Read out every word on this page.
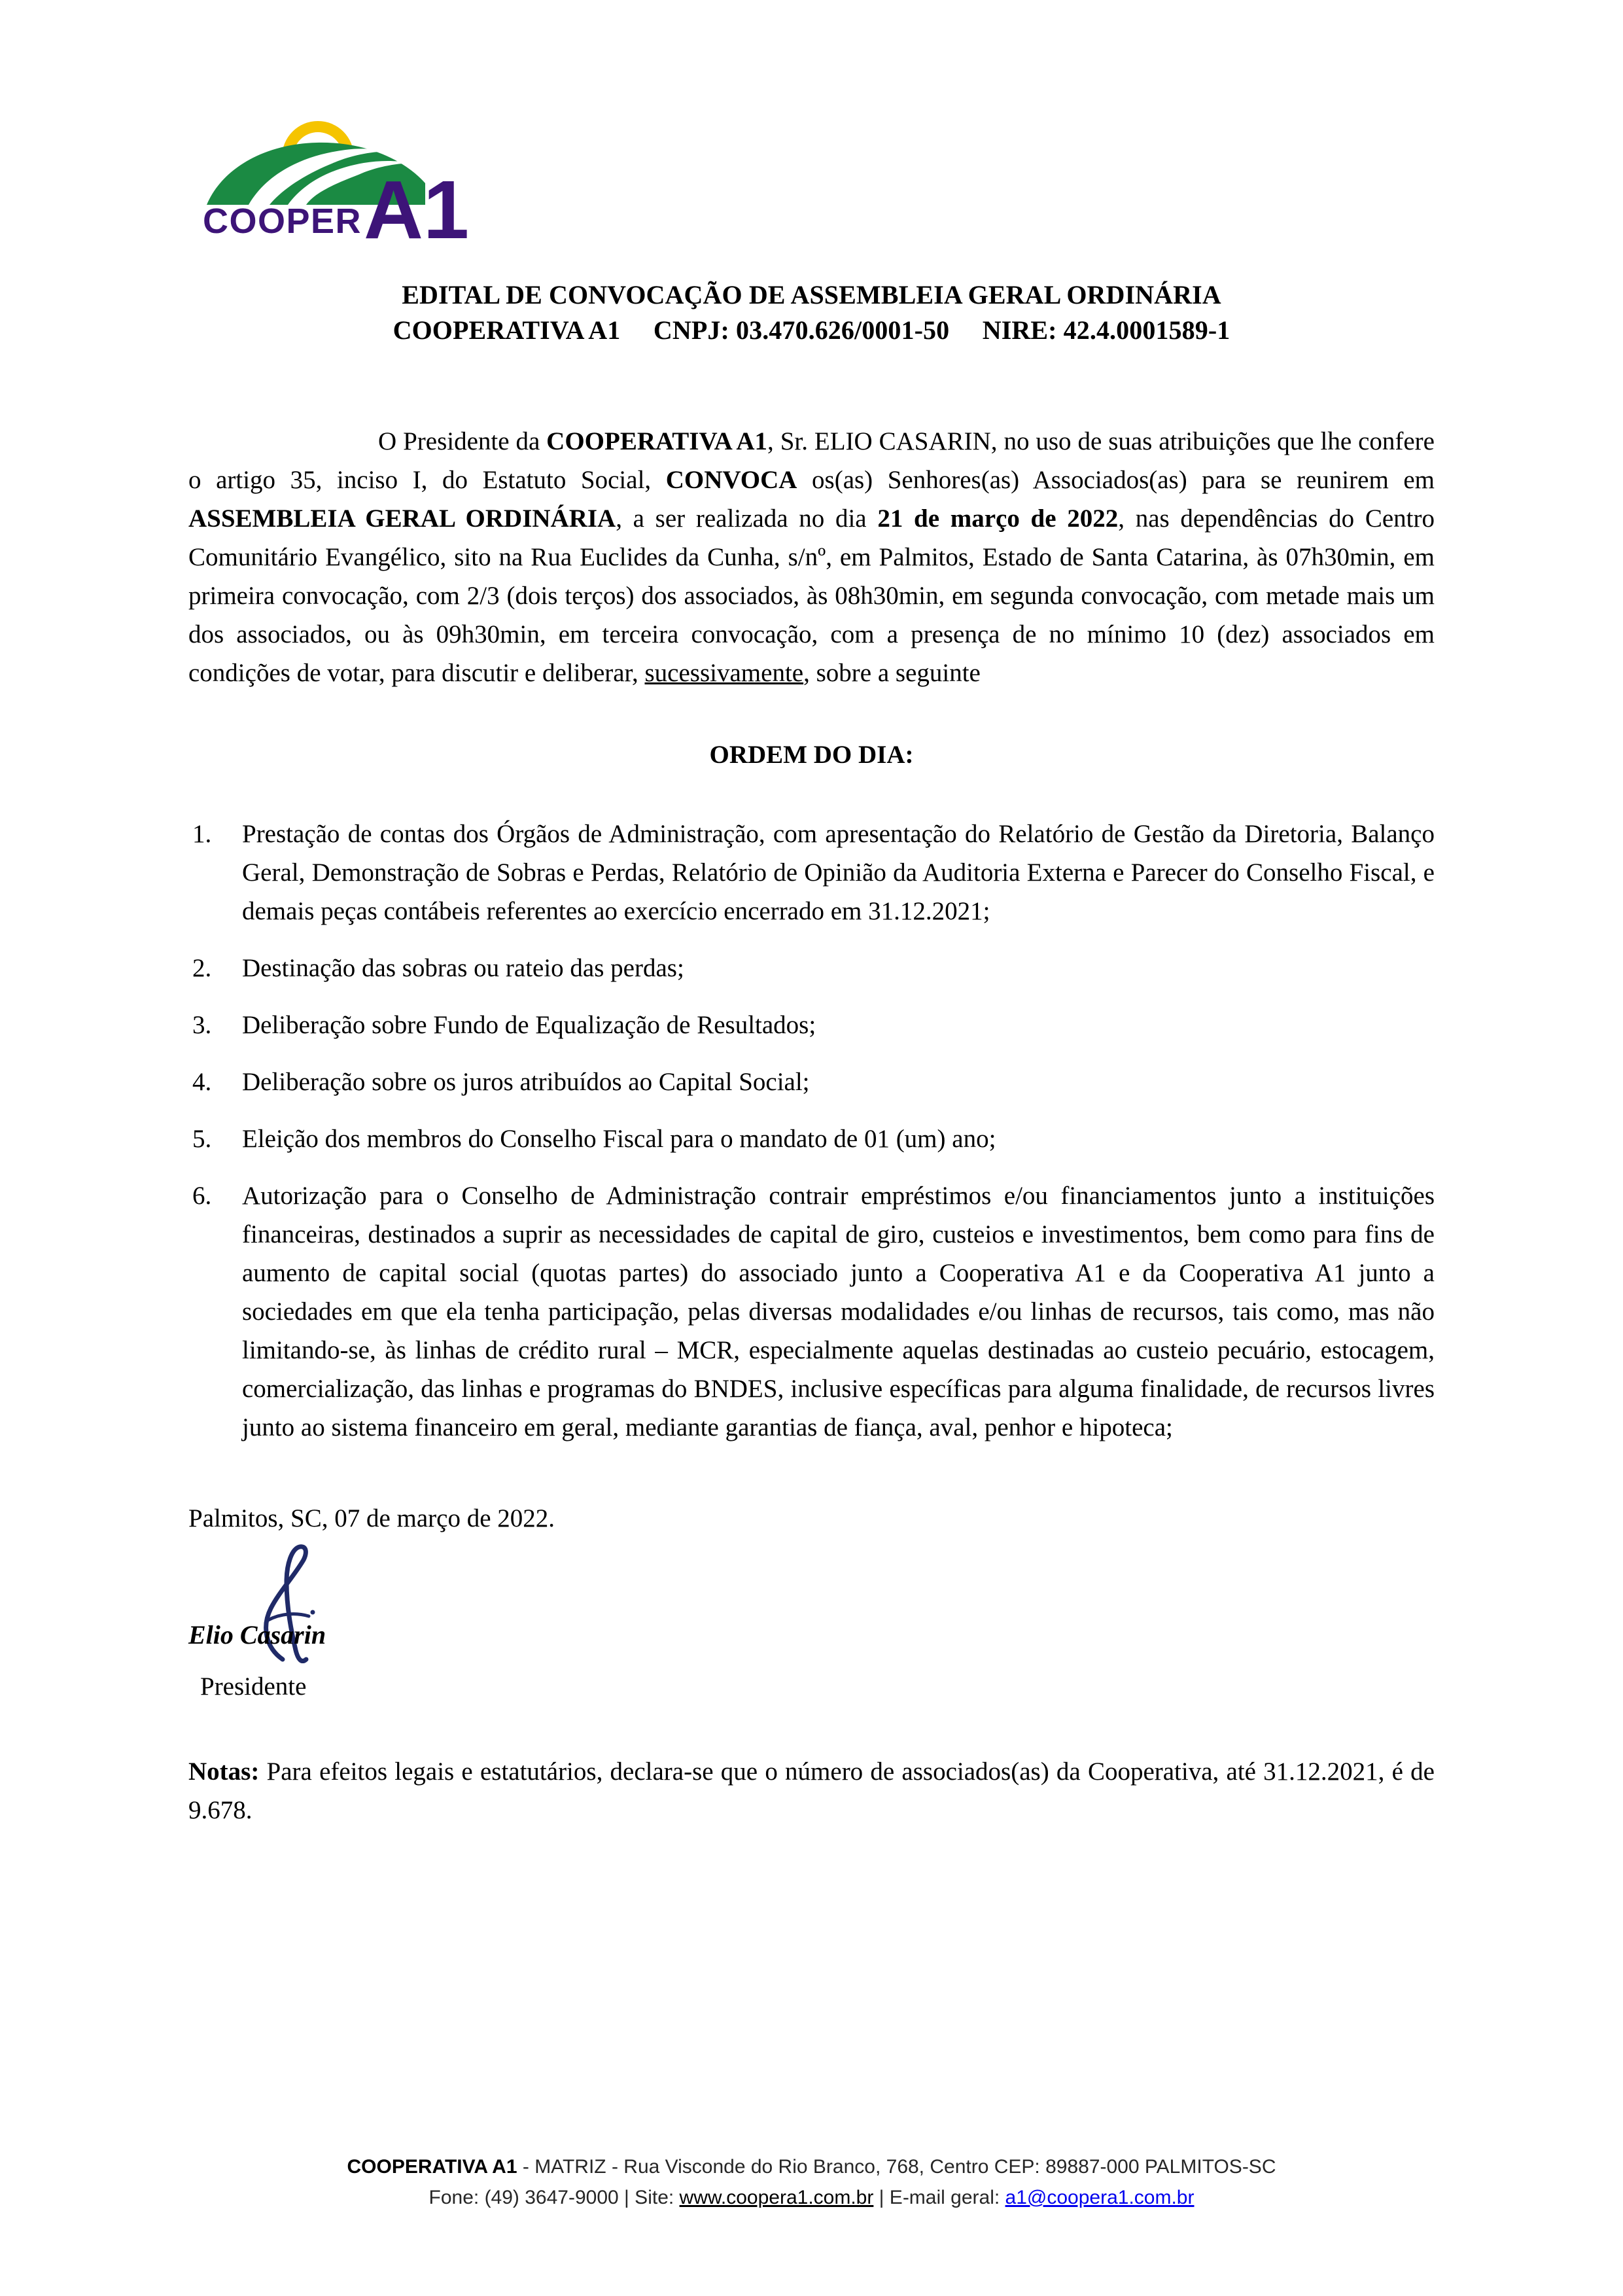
COOPER A1
EDITAL DE CONVOCAÇÃO DE ASSEMBLEIA GERAL ORDINÁRIA
COOPERATIVA A1     CNPJ: 03.470.626/0001-50     NIRE: 42.4.0001589-1

O Presidente da COOPERATIVA A1, Sr. ELIO CASARIN, no uso de suas atribuições que lhe confere o artigo 35, inciso I, do Estatuto Social, CONVOCA os(as) Senhores(as) Associados(as) para se reunirem em ASSEMBLEIA GERAL ORDINÁRIA, a ser realizada no dia 21 de março de 2022, nas dependências do Centro Comunitário Evangélico, sito na Rua Euclides da Cunha, s/nº, em Palmitos, Estado de Santa Catarina, às 07h30min, em primeira convocação, com 2/3 (dois terços) dos associados, às 08h30min, em segunda convocação, com metade mais um dos associados, ou às 09h30min, em terceira convocação, com a presença de no mínimo 10 (dez) associados em condições de votar, para discutir e deliberar, sucessivamente, sobre a seguinte

ORDEM DO DIA:
Prestação de contas dos Órgãos de Administração, com apresentação do Relatório de Gestão da Diretoria, Balanço Geral, Demonstração de Sobras e Perdas, Relatório de Opinião da Auditoria Externa e Parecer do Conselho Fiscal, e demais peças contábeis referentes ao exercício encerrado em 31.12.2021;
Destinação das sobras ou rateio das perdas;
Deliberação sobre Fundo de Equalização de Resultados;
Deliberação sobre os juros atribuídos ao Capital Social;
Eleição dos membros do Conselho Fiscal para o mandato de 01 (um) ano;
Autorização para o Conselho de Administração contrair empréstimos e/ou financiamentos junto a instituições financeiras, destinados a suprir as necessidades de capital de giro, custeios e investimentos, bem como para fins de aumento de capital social (quotas partes) do associado junto a Cooperativa A1 e da Cooperativa A1 junto a sociedades em que ela tenha participação, pelas diversas modalidades e/ou linhas de recursos, tais como, mas não limitando-se, às linhas de crédito rural – MCR, especialmente aquelas destinadas ao custeio pecuário, estocagem, comercialização, das linhas e programas do BNDES, inclusive específicas para alguma finalidade, de recursos livres junto ao sistema financeiro em geral, mediante garantias de fiança, aval, penhor e hipoteca;

Palmitos, SC, 07 de março de 2022.

Elio Casarin

Presidente

Notas: Para efeitos legais e estatutários, declara-se que o número de associados(as) da Cooperativa, até 31.12.2021, é de 9.678.

COOPERATIVA A1 - MATRIZ - Rua Visconde do Rio Branco, 768, Centro CEP: 89887-000 PALMITOS-SC
Fone: (49) 3647-9000 | Site: www.coopera1.com.br | E-mail geral: a1@coopera1.com.br
